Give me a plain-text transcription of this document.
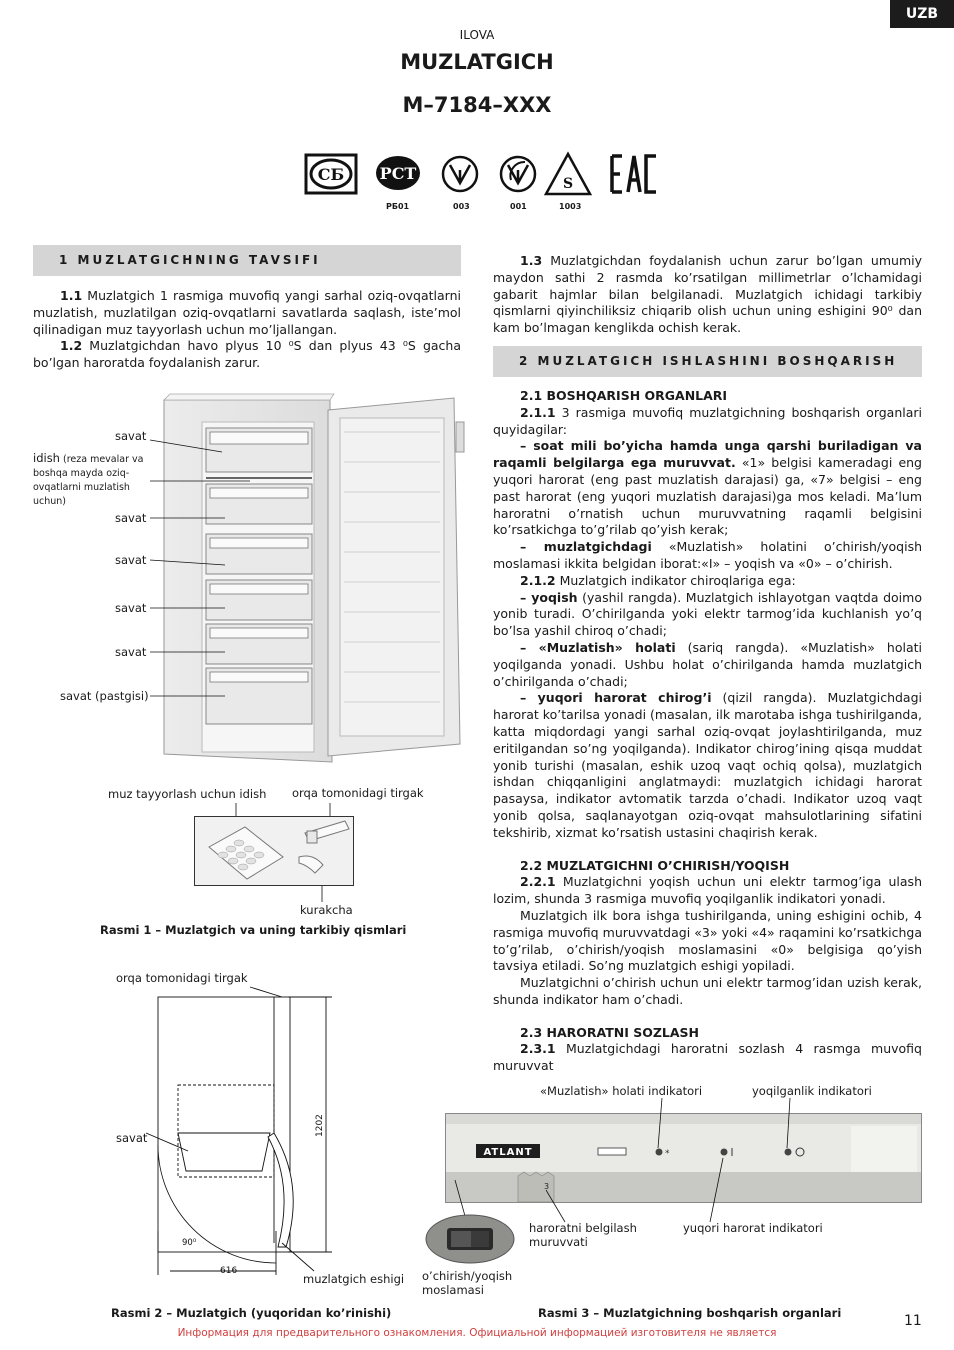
UZB
ILOVA
MUZLATGICH
M–7184–XXX
СБ РСТ
S
РБ01	003	001	1003
1 MUZLATGICHNING TAVSIFI

1.1 Muzlatgich 1 rasmiga muvofiq yangi sarhal oziq-ovqatlarni muzlatish, muzlatilgan oziq-ovqatlarni savatlarda saqlash, iste’mol qilinadigan muz tayyorlash uchun mo’ljallangan.

1.2 Muzlatgichdan havo plyus 10 ⁰S dan plyus 43 ⁰S gacha bo’lgan haroratda foydalanish zarur.

savat
idish (reza mevalar va boshqa mayda oziq-ovqatlarni muzlatish uchun)
savat
savat
savat
savat
savat (pastgisi)
muz tayyorlash uchun idish orqa tomonidagi tirgak
kurakcha
Rasmi 1 – Muzlatgich va uning tarkibiy qismlari
orqa tomonidagi tirgak
1202
616
90⁰
savat
muzlatgich eshigi
Rasmi 2 – Muzlatgich (yuqoridan ko’rinishi)

1.3 Muzlatgichdan foydalanish uchun zarur bo’lgan umumiy maydon sathi 2 rasmda ko’rsatilgan millimetrlar o’lchamidagi gabarit hajmlar bilan belgilanadi. Muzlatgich ichidagi tarkibiy qismlarni qiyinchiliksiz chiqarib olish uchun uning eshigini 90⁰ dan kam bo’lmagan kenglikda ochish kerak.

2 MUZLATGICH ISHLASHINI BOSHQARISH

2.1 BOSHQARISH ORGANLARI

2.1.1 3 rasmiga muvofiq muzlatgichning boshqarish organlari quyidagilar:

– soat mili bo’yicha hamda unga qarshi buriladigan va raqamli belgilarga ega muruvvat. «1» belgisi kameradagi eng yuqori harorat (eng past muzlatish darajasi) ga, «7» belgisi – eng past harorat (eng yuqori muzlatish darajasi)ga mos keladi. Ma’lum haroratni o’rnatish uchun muruvvatning raqamli belgisini ko’rsatkichga to’g’rilab qo’yish kerak;

– muzlatgichdagi «Muzlatish» holatini o’chirish/yoqish moslamasi ikkita belgidan iborat:«I» – yoqish va «0» – o’chirish.

2.1.2 Muzlatgich indikator chiroqlariga ega:

– yoqish (yashil rangda). Muzlatgich ishlayotgan vaqtda doimo yonib turadi. O’chirilganda yoki elektr tarmog’ida kuchlanish yo’q bo’lsa yashil chiroq o’chadi;

– «Muzlatish» holati (sariq rangda). «Muzlatish» holati yoqilganda yonadi. Ushbu holat o’chirilganda hamda muzlatgich o’chirilganda o’chadi;

– yuqori harorat chirog’i (qizil rangda). Muzlatgichdagi harorat ko’tarilsa yonadi (masalan, ilk marotaba ishga tushirilganda, katta miqdordagi yangi sarhal oziq-ovqat joylashtirilganda, muz eritilgandan so’ng yoqilganda). Indikator chirog’ining qisqa muddat yonib turishi (masalan, eshik uzoq vaqt ochiq qolsa), muzlatgich ishdan chiqqanligini anglatmaydi: muzlatgich ichidagi harorat pasaysa, indikator avtomatik tarzda o’chadi. Indikator uzoq vaqt yonib qolsa, saqlanayotgan oziq-ovqat mahsulotlarining sifatini tekshirib, xizmat ko’rsatish ustasini chaqirish kerak.

2.2 MUZLATGICHNI O’CHIRISH/YOQISH

2.2.1 Muzlatgichni yoqish uchun uni elektr tarmog’iga ulash lozim, shunda 3 rasmiga muvofiq yoqilganlik indikatori yonadi.

Muzlatgich ilk bora ishga tushirilganda, uning eshigini ochib, 4 rasmiga muvofiq muruvvatdagi «3» yoki «4» raqamini ko’rsatkichga to’g’rilab, o’chirish/yoqish moslamasini «0» belgisiga qo’yish tavsiya etiladi. So’ng muzlatgich eshigi yopiladi.

Muzlatgichni o’chirish uchun uni elektr tarmog’idan uzish kerak, shunda indikator ham o’chadi.

2.3 HARORATNI SOZLASH

2.3.1 Muzlatgichdagi haroratni sozlash 4 rasmga muvofiq muruvvat

«Muzlatish» holati indikatori	yoqilganlik indikatori
ATLANT	*
3
haroratni belgilash muruvvati
yuqori harorat indikatori
o’chirish/yoqish moslamasi
Rasmi 3 – Muzlatgichning boshqarish organlari	11
Информация для предварительного ознакомления. Официальной информацией изготовителя не является
